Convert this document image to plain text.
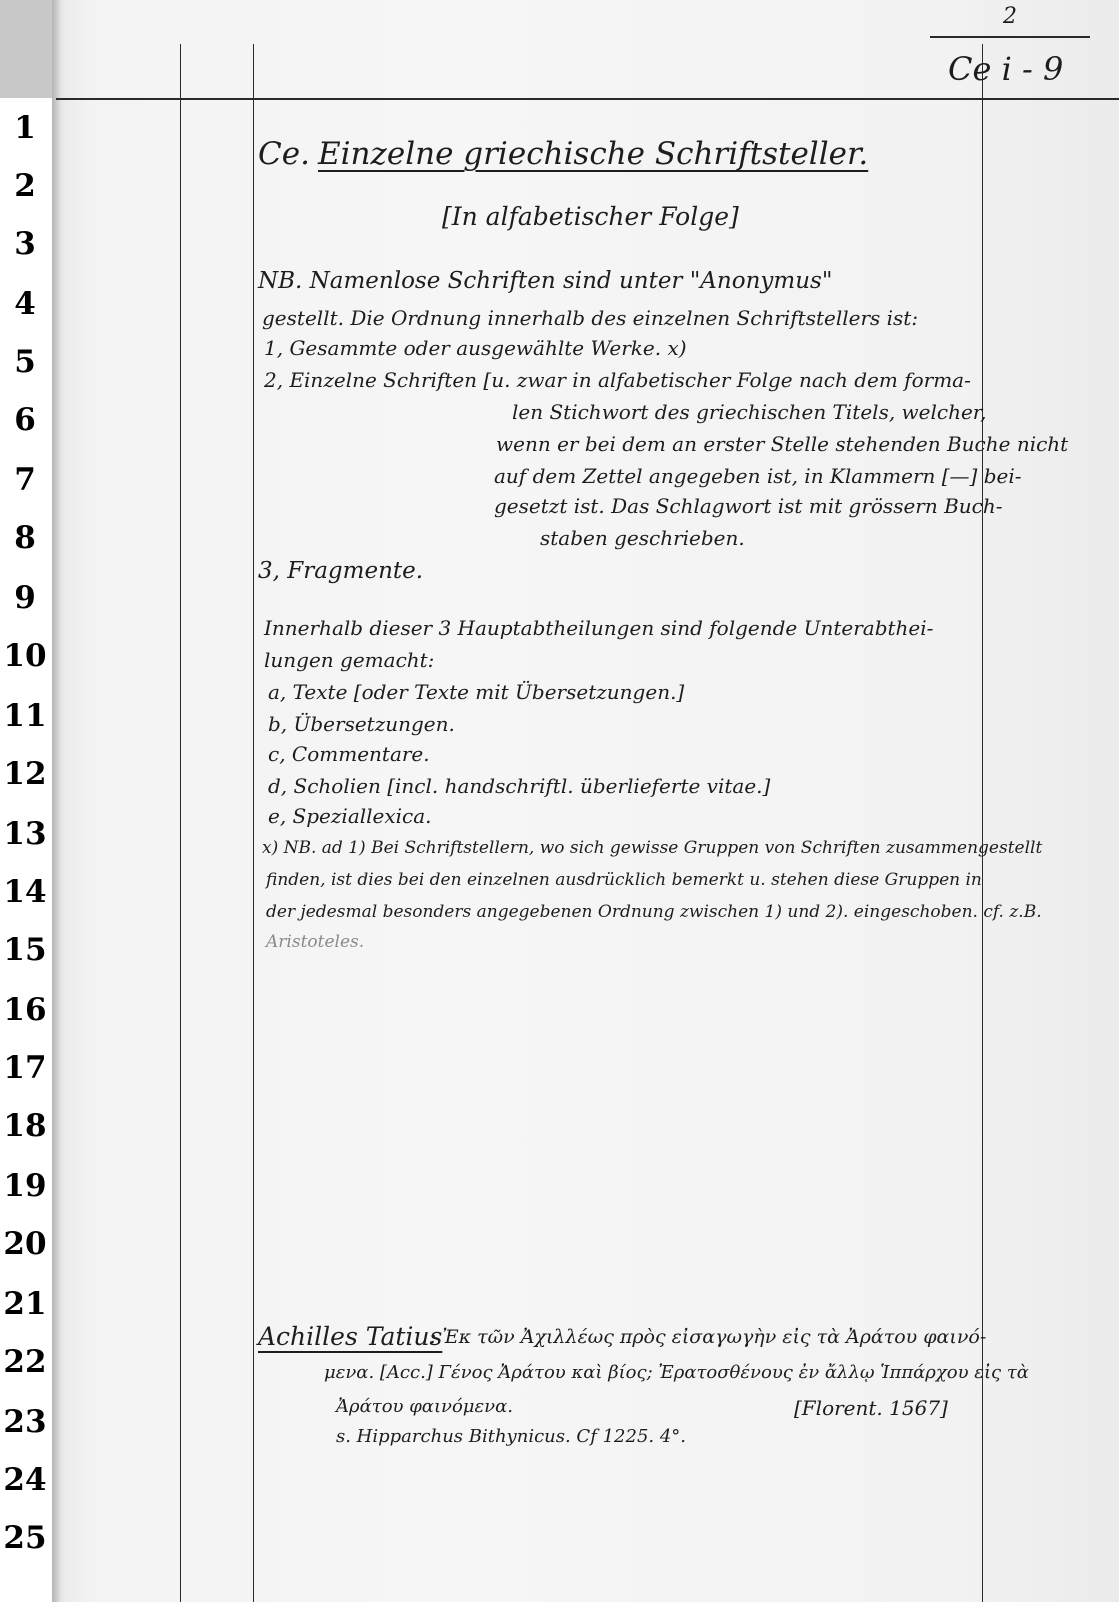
1
2
3
4
5
6
7
8
9
10
11
12
13
14
15
16
17
18
19
20
21
22
23
24
25
2
Ce i - 9
Ce. Einzelne griechische Schriftsteller.
[In alfabetischer Folge]
NB. Namenlose Schriften sind unter "Anonymus"
gestellt. Die Ordnung innerhalb des einzelnen Schriftstellers ist:
1, Gesammte oder ausgewählte Werke. x)
2, Einzelne Schriften [u. zwar in alfabetischer Folge nach dem forma-
len Stichwort des griechischen Titels, welcher,
wenn er bei dem an erster Stelle stehenden Buche nicht
auf dem Zettel angegeben ist, in Klammern [—] bei-
gesetzt ist. Das Schlagwort ist mit grössern Buch-
staben geschrieben.
3, Fragmente.
Innerhalb dieser 3 Hauptabtheilungen sind folgende Unterabthei-
lungen gemacht:
a, Texte [oder Texte mit Übersetzungen.]
b, Übersetzungen.
c, Commentare.
d, Scholien [incl. handschriftl. überlieferte vitae.]
e, Speziallexica.
x) NB. ad 1) Bei Schriftstellern, wo sich gewisse Gruppen von Schriften zusammengestellt
finden, ist dies bei den einzelnen ausdrücklich bemerkt u. stehen diese Gruppen in
der jedesmal besonders angegebenen Ordnung zwischen 1) und 2). eingeschoben. cf. z.B.
Aristoteles.
Achilles Tatius
: Ἐκ τῶν Ἀχιλλέως πρὸς εἰσαγωγὴν εἰς τὰ Ἀράτου φαινό-
μενα. [Acc.] Γένος Ἀράτου καὶ βίος; Ἐρατοσθένους ἐν ἄλλῳ Ἱππάρχου εἰς τὰ
Ἀράτου φαινόμενα.	[Florent. 1567]
s. Hipparchus Bithynicus. Cf 1225. 4°.
